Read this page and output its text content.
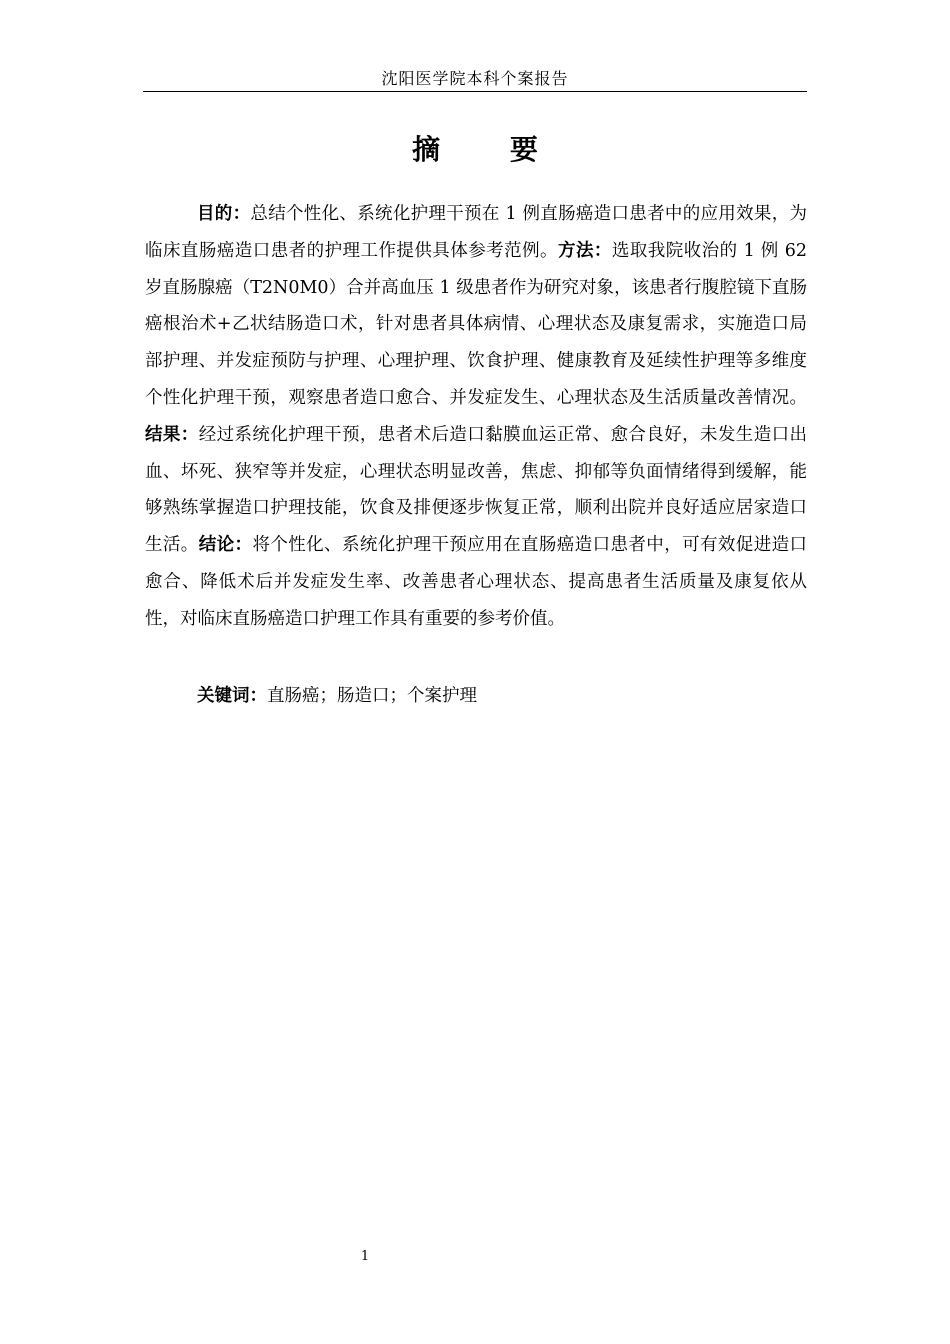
沈阳医学院本科个案报告
摘 要

目的：总结个性化、系统化护理干预在 1 例直肠癌造口患者中的应用效果，为临床直肠癌造口患者的护理工作提供具体参考范例。方法：选取我院收治的 1 例 62 岁直肠腺癌（T2N0M0）合并高血压 1 级患者作为研究对象，该患者行腹腔镜下直肠癌根治术+乙状结肠造口术，针对患者具体病情、心理状态及康复需求，实施造口局部护理、并发症预防与护理、心理护理、饮食护理、健康教育及延续性护理等多维度个性化护理干预，观察患者造口愈合、并发症发生、心理状态及生活质量改善情况。结果：经过系统化护理干预，患者术后造口黏膜血运正常、愈合良好，未发生造口出血、坏死、狭窄等并发症，心理状态明显改善，焦虑、抑郁等负面情绪得到缓解，能够熟练掌握造口护理技能，饮食及排便逐步恢复正常，顺利出院并良好适应居家造口生活。结论：将个性化、系统化护理干预应用在直肠癌造口患者中，可有效促进造口愈合、降低术后并发症发生率、改善患者心理状态、提高患者生活质量及康复依从性，对临床直肠癌造口护理工作具有重要的参考价值。

关键词：直肠癌；肠造口；个案护理

1
